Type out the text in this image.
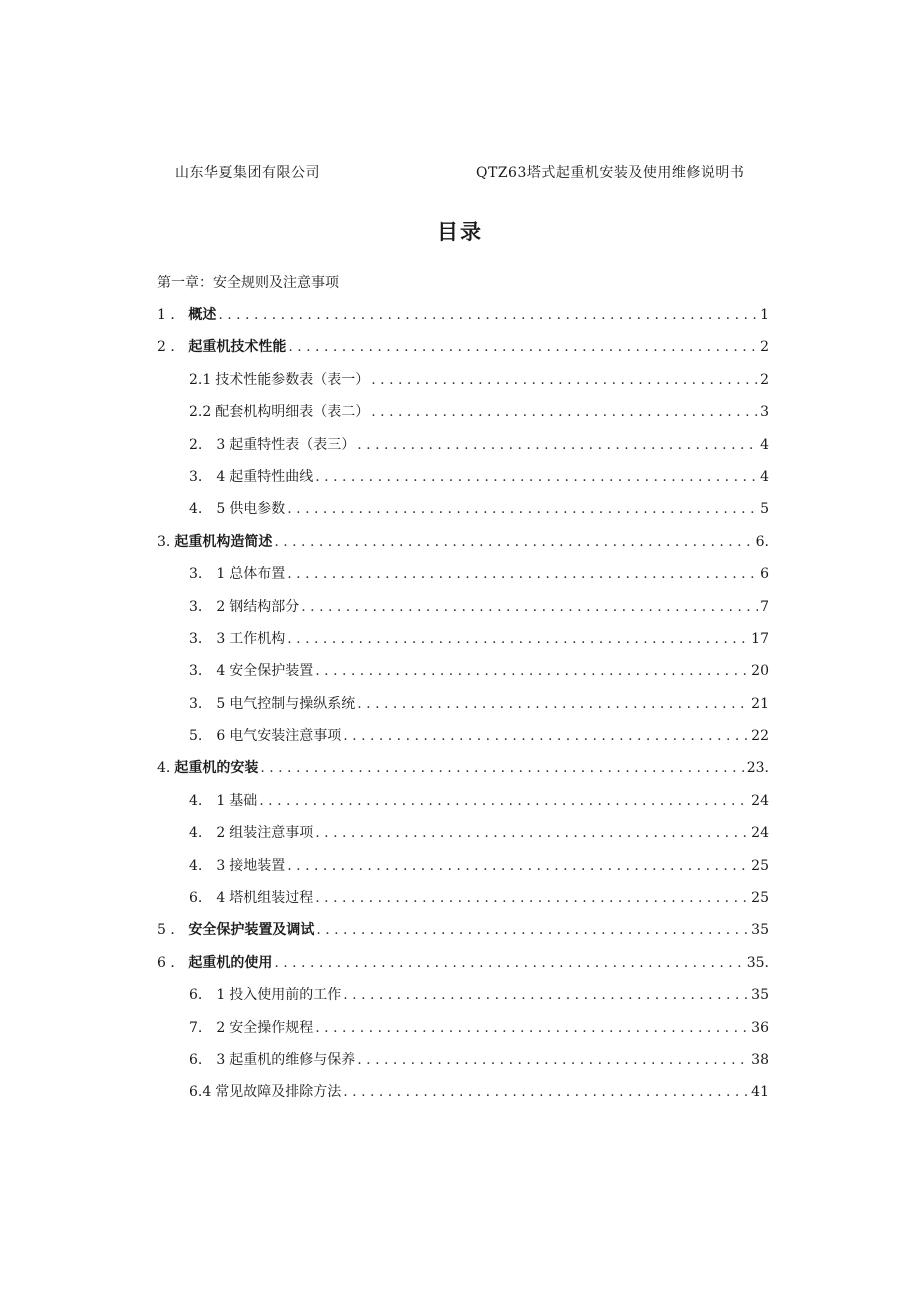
山东华夏集团有限公司	QTZ63塔式起重机安装及使用维修说明书
目录
第一章：安全规则及注意事项
1 ． 概述 . . .	1
2 ． 起重机技术性能 . . .	2
2.1 技术性能参数表（表一） . . .	2
2.2 配套机构明细表（表二） . . .	3
2.　3 起重特性表（表三） . . .	4
3.　4 起重特性曲线 . . .	4
4.　5 供电参数 . . .	5
3. 起重机构造简述 . . .	6.
3.　1 总体布置 . . .	6
3.　2 钢结构部分 . . .	7
3.　3 工作机构 . . .	17
3.　4 安全保护装置 . . .	20
3.　5 电气控制与操纵系统 . . .	21
5.　6 电气安装注意事项 . . .	22
4. 起重机的安装 . . .	23.
4.　1 基础 . . .	24
4.　2 组装注意事项 . . .	24
4.　3 接地装置 . . .	25
6.　4 塔机组装过程 . . .	25
5 ． 安全保护装置及调试 . . .	35
6 ． 起重机的使用 . . .	35.
6.　1 投入使用前的工作 . . .	35
7.　2 安全操作规程 . . .	36
6.　3 起重机的维修与保养 . . .	38
6.4 常见故障及排除方法 . . .	41
